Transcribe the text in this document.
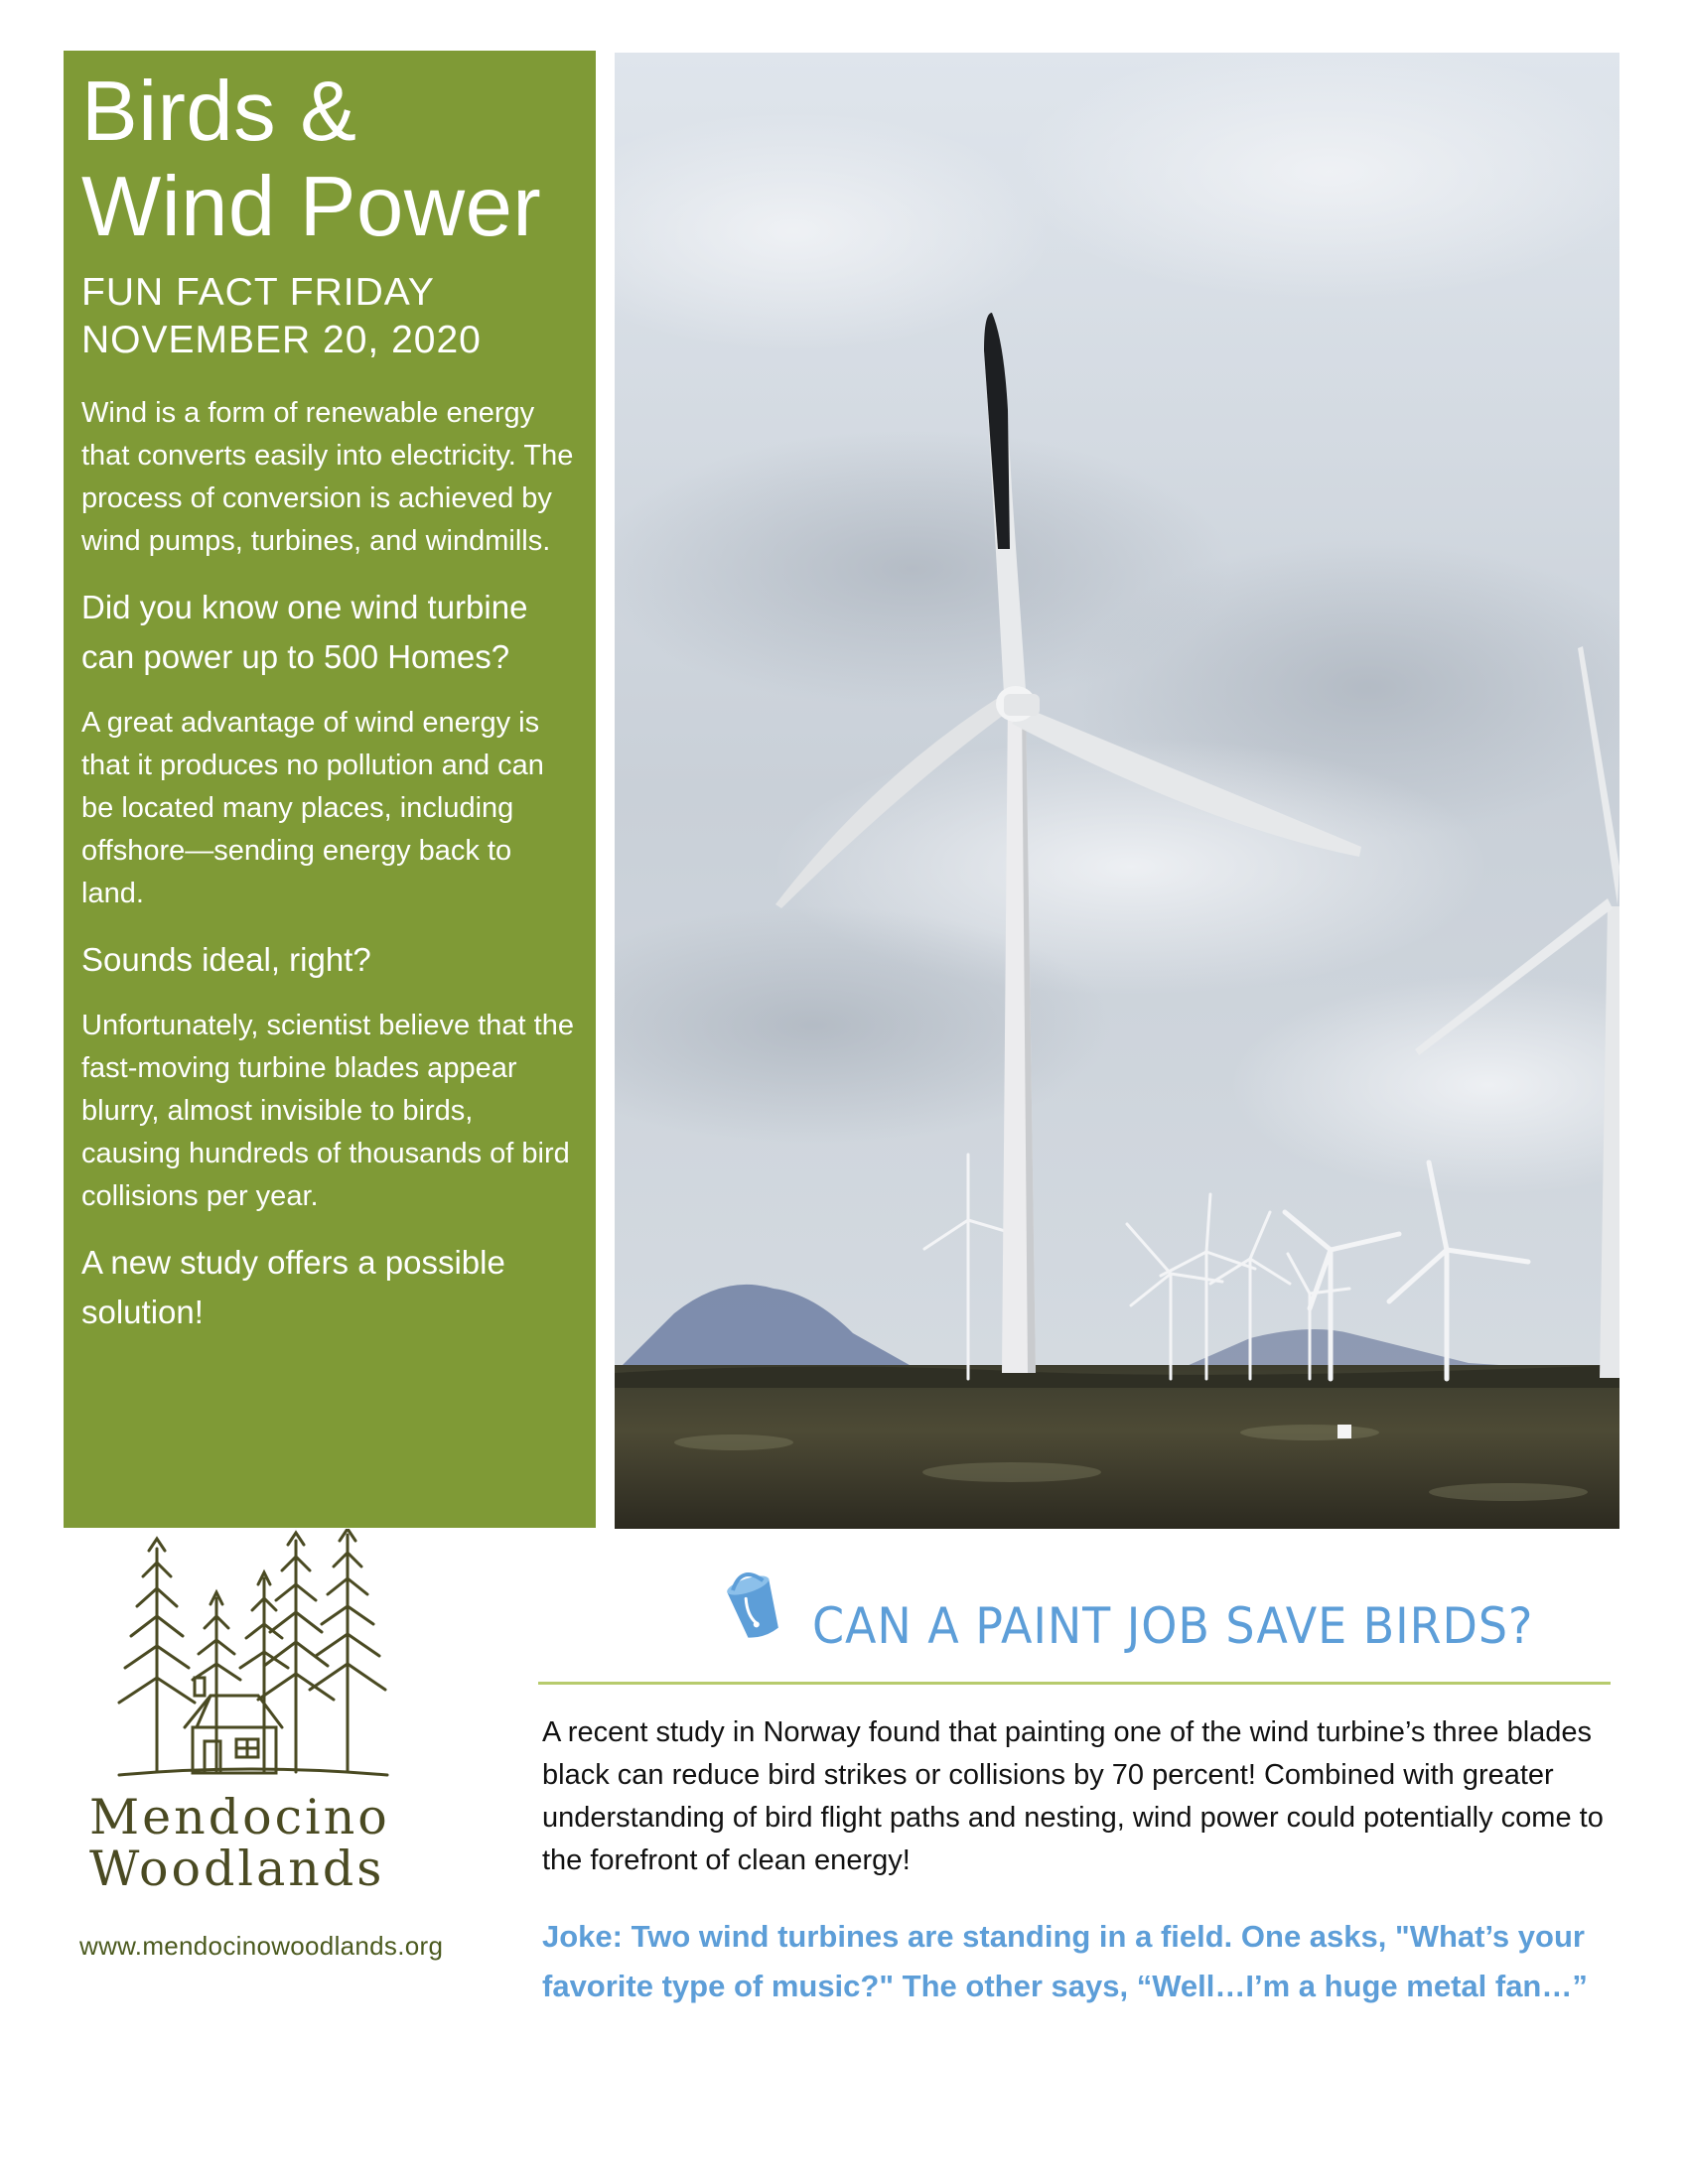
Birds &
Wind Power
FUN FACT FRIDAY
NOVEMBER 20, 2020

Wind is a form of renewable energy that converts easily into electricity. The process of conversion is achieved by wind pumps, turbines, and windmills.

Did you know one wind turbine can power up to 500 Homes?

A great advantage of wind energy is that it produces no pollution and can be located many places, including offshore—sending energy back to land.

Sounds ideal, right?

Unfortunately, scientist believe that the fast-moving turbine blades appear blurry, almost invisible to birds, causing hundreds of thousands of bird collisions per year.

A new study offers a possible solution!

Mendocino
Woodlands
www.mendocinowoodlands.org
CAN A PAINT JOB SAVE BIRDS?

A recent study in Norway found that painting one of the wind turbine’s three blades black can reduce bird strikes or collisions by 70 percent! Combined with greater understanding of bird flight paths and nesting, wind power could potentially come to the forefront of clean energy!

Joke: Two wind turbines are standing in a field. One asks, "What’s your favorite type of music?" The other says, “Well…I’m a huge metal fan…”
